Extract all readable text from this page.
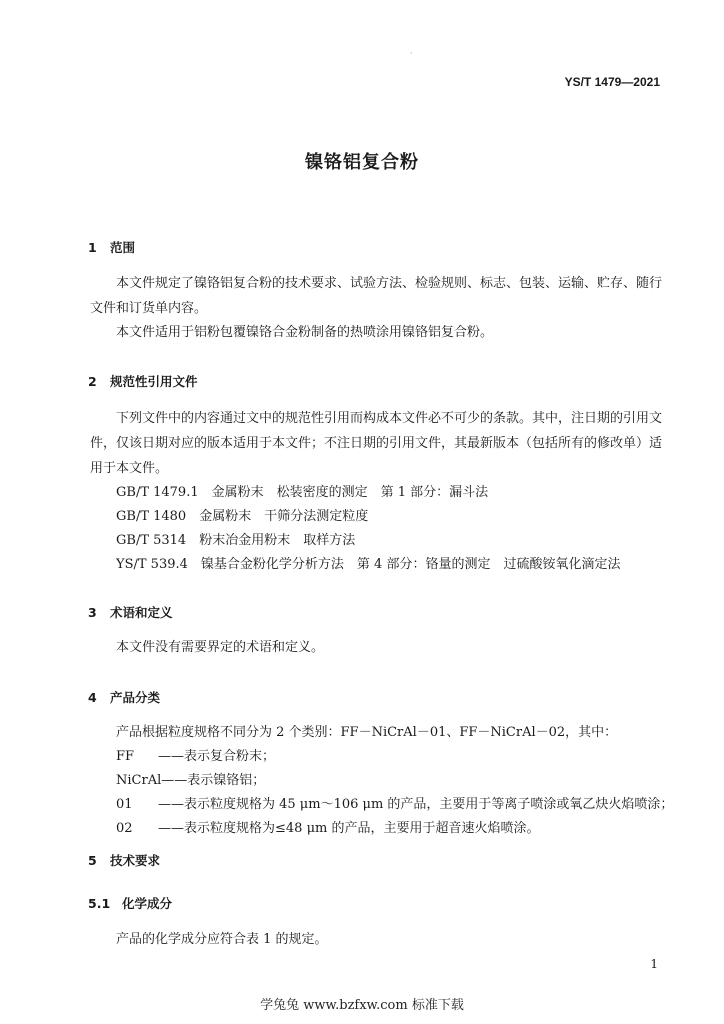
·
YS/T 1479—2021
镍铬铝复合粉
1 范围
本文件规定了镍铬铝复合粉的技术要求、试验方法、检验规则、标志、包装、运输、贮存、随行文件和订货单内容。
本文件适用于铝粉包覆镍铬合金粉制备的热喷涂用镍铬铝复合粉。
2 规范性引用文件
下列文件中的内容通过文中的规范性引用而构成本文件必不可少的条款。其中，注日期的引用文件，仅该日期对应的版本适用于本文件；不注日期的引用文件，其最新版本（包括所有的修改单）适用于本文件。
GB/T 1479.1　 金属粉末　松装密度的测定　第 1 部分：漏斗法
GB/T 1480　 金属粉末　干筛分法测定粒度
GB/T 5314　 粉末冶金用粉末　取样方法
YS/T 539.4　 镍基合金粉化学分析方法　第 4 部分：铬量的测定　过硫酸铵氧化滴定法
3 术语和定义
本文件没有需要界定的术语和定义。
4 产品分类
产品根据粒度规格不同分为 2 个类别：FF－NiCrAl－01、FF－NiCrAl－02，其中：
FF ——表示复合粉末；
NiCrAl——表示镍铬铝；
01 ——表示粒度规格为 45 μm～106 μm 的产品，主要用于等离子喷涂或氧乙炔火焰喷涂；
02 ——表示粒度规格为≤48 μm 的产品，主要用于超音速火焰喷涂。
5 技术要求
5.1 化学成分
产品的化学成分应符合表 1 的规定。
1
学兔兔 www.bzfxw.com 标准下载
